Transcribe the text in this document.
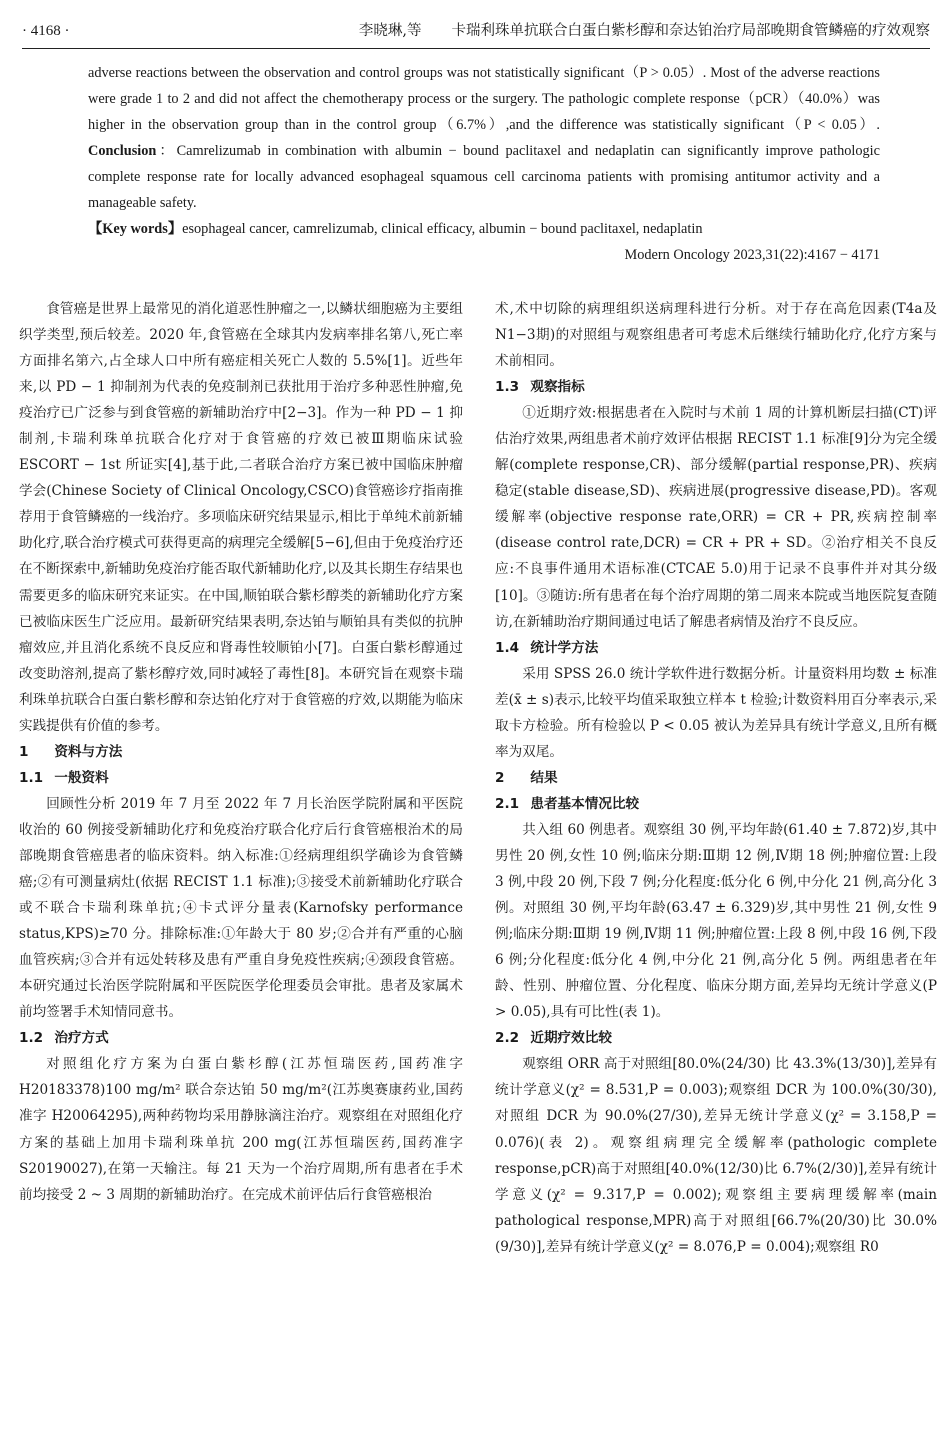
· 4168 ·	李晓琳,等 卡瑞利珠单抗联合白蛋白紫杉醇和奈达铂治疗局部晚期食管鳞癌的疗效观察

adverse reactions between the observation and control groups was not statistically significant（P > 0.05）. Most of the adverse reactions were grade 1 to 2 and did not affect the chemotherapy process or the surgery. The pathologic complete response（pCR）（40.0%）was higher in the observation group than in the control group（6.7%）,and the difference was statistically significant（P < 0.05）. Conclusion：Camrelizumab in combination with albumin − bound paclitaxel and nedaplatin can significantly improve pathologic complete response rate for locally advanced esophageal squamous cell carcinoma patients with promising antitumor activity and a manageable safety.

【Key words】esophageal cancer, camrelizumab, clinical efficacy, albumin − bound paclitaxel, nedaplatin

Modern Oncology 2023,31(22):4167 − 4171

食管癌是世界上最常见的消化道恶性肿瘤之一,以鳞状细胞癌为主要组织学类型,预后较差。2020 年,食管癌在全球其内发病率排名第八,死亡率方面排名第六,占全球人口中所有癌症相关死亡人数的 5.5%[1]。近些年来,以 PD − 1 抑制剂为代表的免疫制剂已获批用于治疗多种恶性肿瘤,免疫治疗已广泛参与到食管癌的新辅助治疗中[2−3]。作为一种 PD − 1 抑制剂,卡瑞利珠单抗联合化疗对于食管癌的疗效已被Ⅲ期临床试验 ESCORT − 1st 所证实[4],基于此,二者联合治疗方案已被中国临床肿瘤学会(Chinese Society of Clinical Oncology,CSCO)食管癌诊疗指南推荐用于食管鳞癌的一线治疗。多项临床研究结果显示,相比于单纯术前新辅助化疗,联合治疗模式可获得更高的病理完全缓解[5−6],但由于免疫治疗还在不断探索中,新辅助免疫治疗能否取代新辅助化疗,以及其长期生存结果也需要更多的临床研究来证实。在中国,顺铂联合紫杉醇类的新辅助化疗方案已被临床医生广泛应用。最新研究结果表明,奈达铂与顺铂具有类似的抗肿瘤效应,并且消化系统不良反应和肾毒性较顺铂小[7]。白蛋白紫杉醇通过改变助溶剂,提高了紫杉醇疗效,同时减轻了毒性[8]。本研究旨在观察卡瑞利珠单抗联合白蛋白紫杉醇和奈达铂化疗对于食管癌的疗效,以期能为临床实践提供有价值的参考。

1 资料与方法
1.1 一般资料

回顾性分析 2019 年 7 月至 2022 年 7 月长治医学院附属和平医院收治的 60 例接受新辅助化疗和免疫治疗联合化疗后行食管癌根治术的局部晚期食管癌患者的临床资料。纳入标准:①经病理组织学确诊为食管鳞癌;②有可测量病灶(依据 RECIST 1.1 标准);③接受术前新辅助化疗联合或不联合卡瑞利珠单抗;④卡式评分量表(Karnofsky performance status,KPS)≥70 分。排除标准:①年龄大于 80 岁;②合并有严重的心脑血管疾病;③合并有远处转移及患有严重自身免疫性疾病;④颈段食管癌。本研究通过长治医学院附属和平医院医学伦理委员会审批。患者及家属术前均签署手术知情同意书。

1.2 治疗方式

对照组化疗方案为白蛋白紫杉醇(江苏恒瑞医药,国药准字 H20183378)100 mg/m² 联合奈达铂 50 mg/m²(江苏奥赛康药业,国药准字 H20064295),两种药物均采用静脉滴注治疗。观察组在对照组化疗方案的基础上加用卡瑞利珠单抗 200 mg(江苏恒瑞医药,国药准字 S20190027),在第一天输注。每 21 天为一个治疗周期,所有患者在手术前均接受 2 ~ 3 周期的新辅助治疗。在完成术前评估后行食管癌根治

术,术中切除的病理组织送病理科进行分析。对于存在高危因素(T4a及 N1−3期)的对照组与观察组患者可考虑术后继续行辅助化疗,化疗方案与术前相同。

1.3 观察指标

①近期疗效:根据患者在入院时与术前 1 周的计算机断层扫描(CT)评估治疗效果,两组患者术前疗效评估根据 RECIST 1.1 标准[9]分为完全缓解(complete response,CR)、部分缓解(partial response,PR)、疾病稳定(stable disease,SD)、疾病进展(progressive disease,PD)。客观缓解率(objective response rate,ORR) = CR + PR,疾病控制率(disease control rate,DCR) = CR + PR + SD。②治疗相关不良反应:不良事件通用术语标准(CTCAE 5.0)用于记录不良事件并对其分级[10]。③随访:所有患者在每个治疗周期的第二周来本院或当地医院复查随访,在新辅助治疗期间通过电话了解患者病情及治疗不良反应。

1.4 统计学方法

采用 SPSS 26.0 统计学软件进行数据分析。计量资料用均数 ± 标准差(x̄ ± s)表示,比较平均值采取独立样本 t 检验;计数资料用百分率表示,采取卡方检验。所有检验以 P < 0.05 被认为差异具有统计学意义,且所有概率为双尾。

2 结果
2.1 患者基本情况比较

共入组 60 例患者。观察组 30 例,平均年龄(61.40 ± 7.872)岁,其中男性 20 例,女性 10 例;临床分期:Ⅲ期 12 例,Ⅳ期 18 例;肿瘤位置:上段 3 例,中段 20 例,下段 7 例;分化程度:低分化 6 例,中分化 21 例,高分化 3 例。对照组 30 例,平均年龄(63.47 ± 6.329)岁,其中男性 21 例,女性 9 例;临床分期:Ⅲ期 19 例,Ⅳ期 11 例;肿瘤位置:上段 8 例,中段 16 例,下段 6 例;分化程度:低分化 4 例,中分化 21 例,高分化 5 例。两组患者在年龄、性别、肿瘤位置、分化程度、临床分期方面,差异均无统计学意义(P > 0.05),具有可比性(表 1)。

2.2 近期疗效比较

观察组 ORR 高于对照组[80.0%(24/30) 比 43.3%(13/30)],差异有统计学意义(χ² = 8.531,P = 0.003);观察组 DCR 为 100.0%(30/30),对照组 DCR 为 90.0%(27/30),差异无统计学意义(χ² = 3.158,P = 0.076)(表 2)。观察组病理完全缓解率(pathologic complete response,pCR)高于对照组[40.0%(12/30)比 6.7%(2/30)],差异有统计学意义(χ² = 9.317,P = 0.002);观察组主要病理缓解率(main pathological response,MPR)高于对照组[66.7%(20/30)比 30.0%(9/30)],差异有统计学意义(χ² = 8.076,P = 0.004);观察组 R0
